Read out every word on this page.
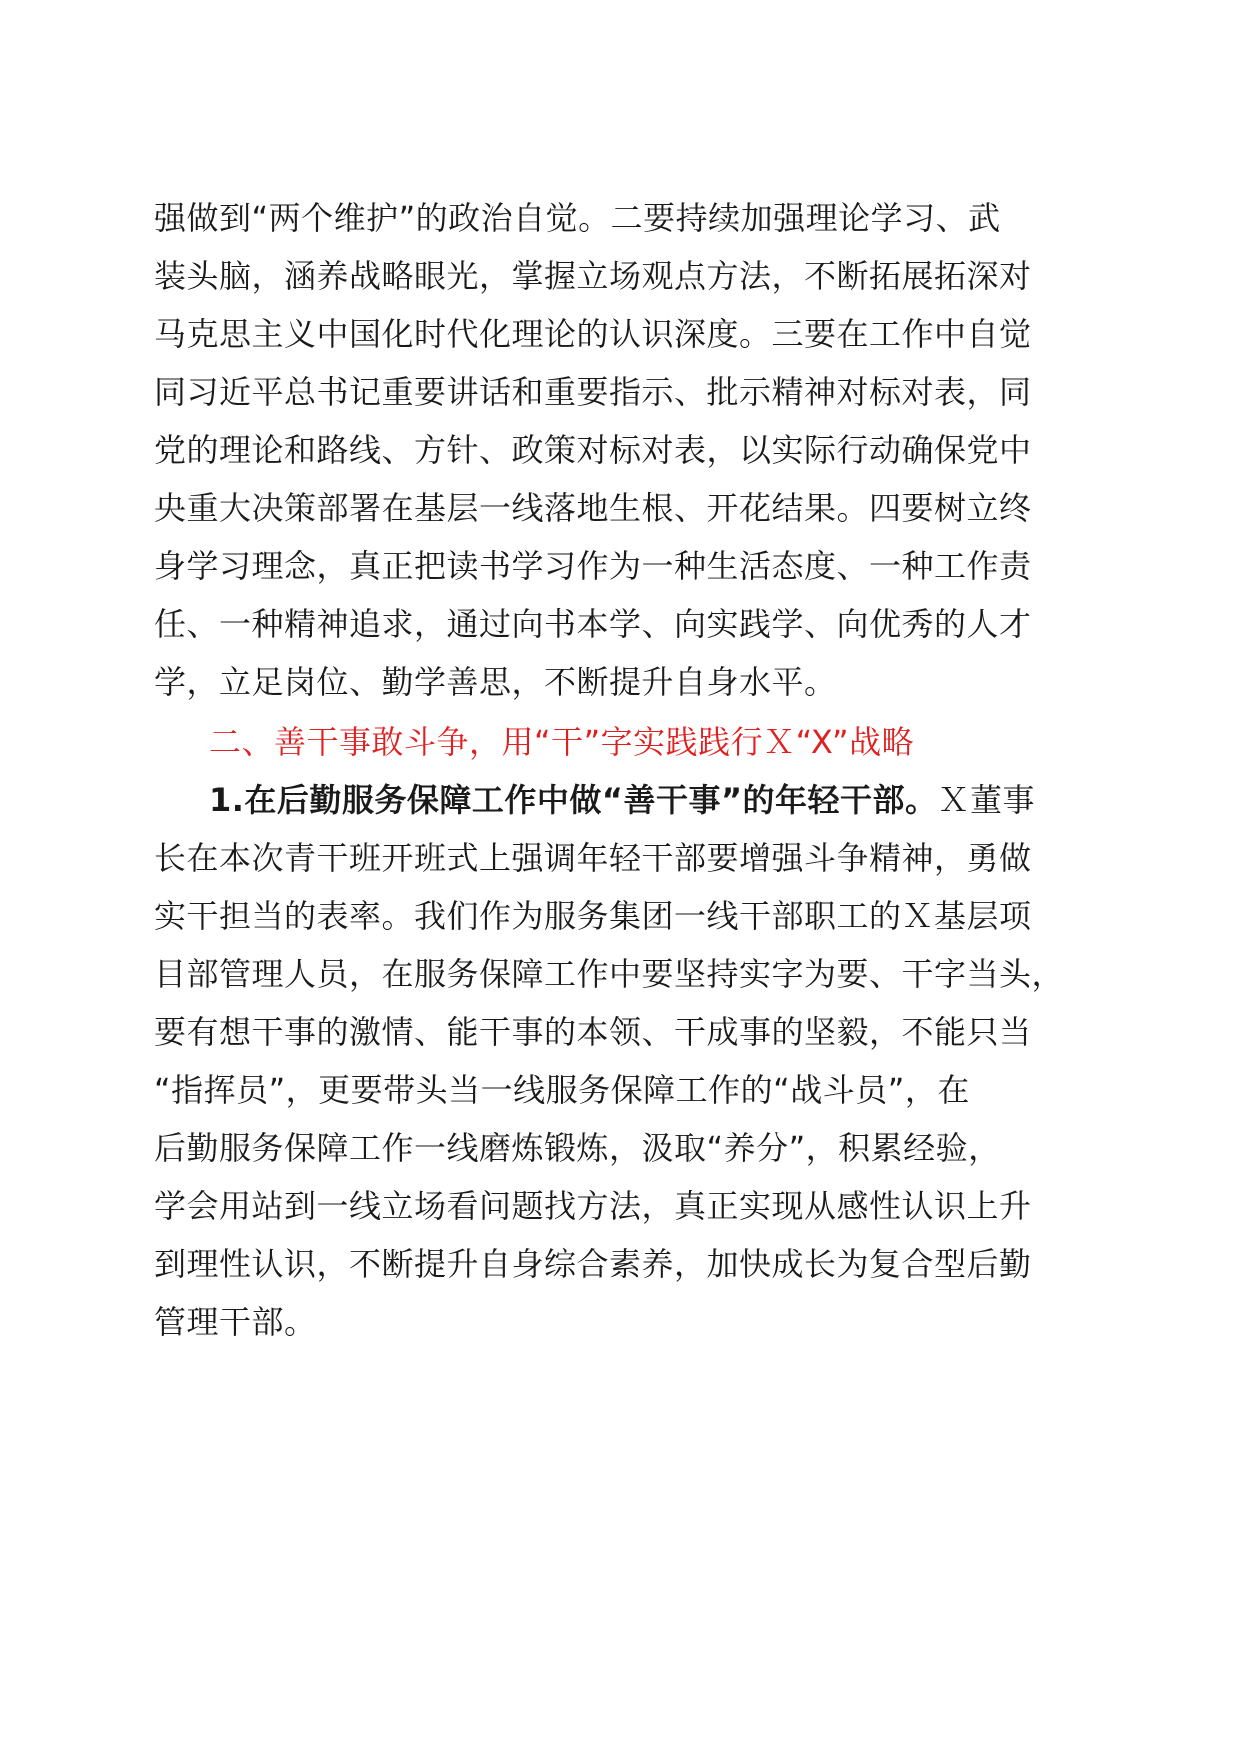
强做到“两个维护”的政治自觉。二要持续加强理论学习、武
装头脑，涵养战略眼光，掌握立场观点方法，不断拓展拓深对
马克思主义中国化时代化理论的认识深度。三要在工作中自觉
同习近平总书记重要讲话和重要指示、批示精神对标对表，同
党的理论和路线、方针、政策对标对表，以实际行动确保党中
央重大决策部署在基层一线落地生根、开花结果。四要树立终
身学习理念，真正把读书学习作为一种生活态度、一种工作责
任、一种精神追求，通过向书本学、向实践学、向优秀的人才
学，立足岗位、勤学善思，不断提升自身水平。
二、善干事敢斗争，用“干”字实践践行Ｘ“X”战略
1.在后勤服务保障工作中做“善干事”的年轻干部。Ｘ董事
长在本次青干班开班式上强调年轻干部要增强斗争精神，勇做
实干担当的表率。我们作为服务集团一线干部职工的Ｘ基层项
目部管理人员，在服务保障工作中要坚持实字为要、干字当头，
要有想干事的激情、能干事的本领、干成事的坚毅，不能只当
“指挥员”，更要带头当一线服务保障工作的“战斗员”，在
后勤服务保障工作一线磨炼锻炼，汲取“养分”，积累经验，
学会用站到一线立场看问题找方法，真正实现从感性认识上升
到理性认识，不断提升自身综合素养，加快成长为复合型后勤
管理干部。
